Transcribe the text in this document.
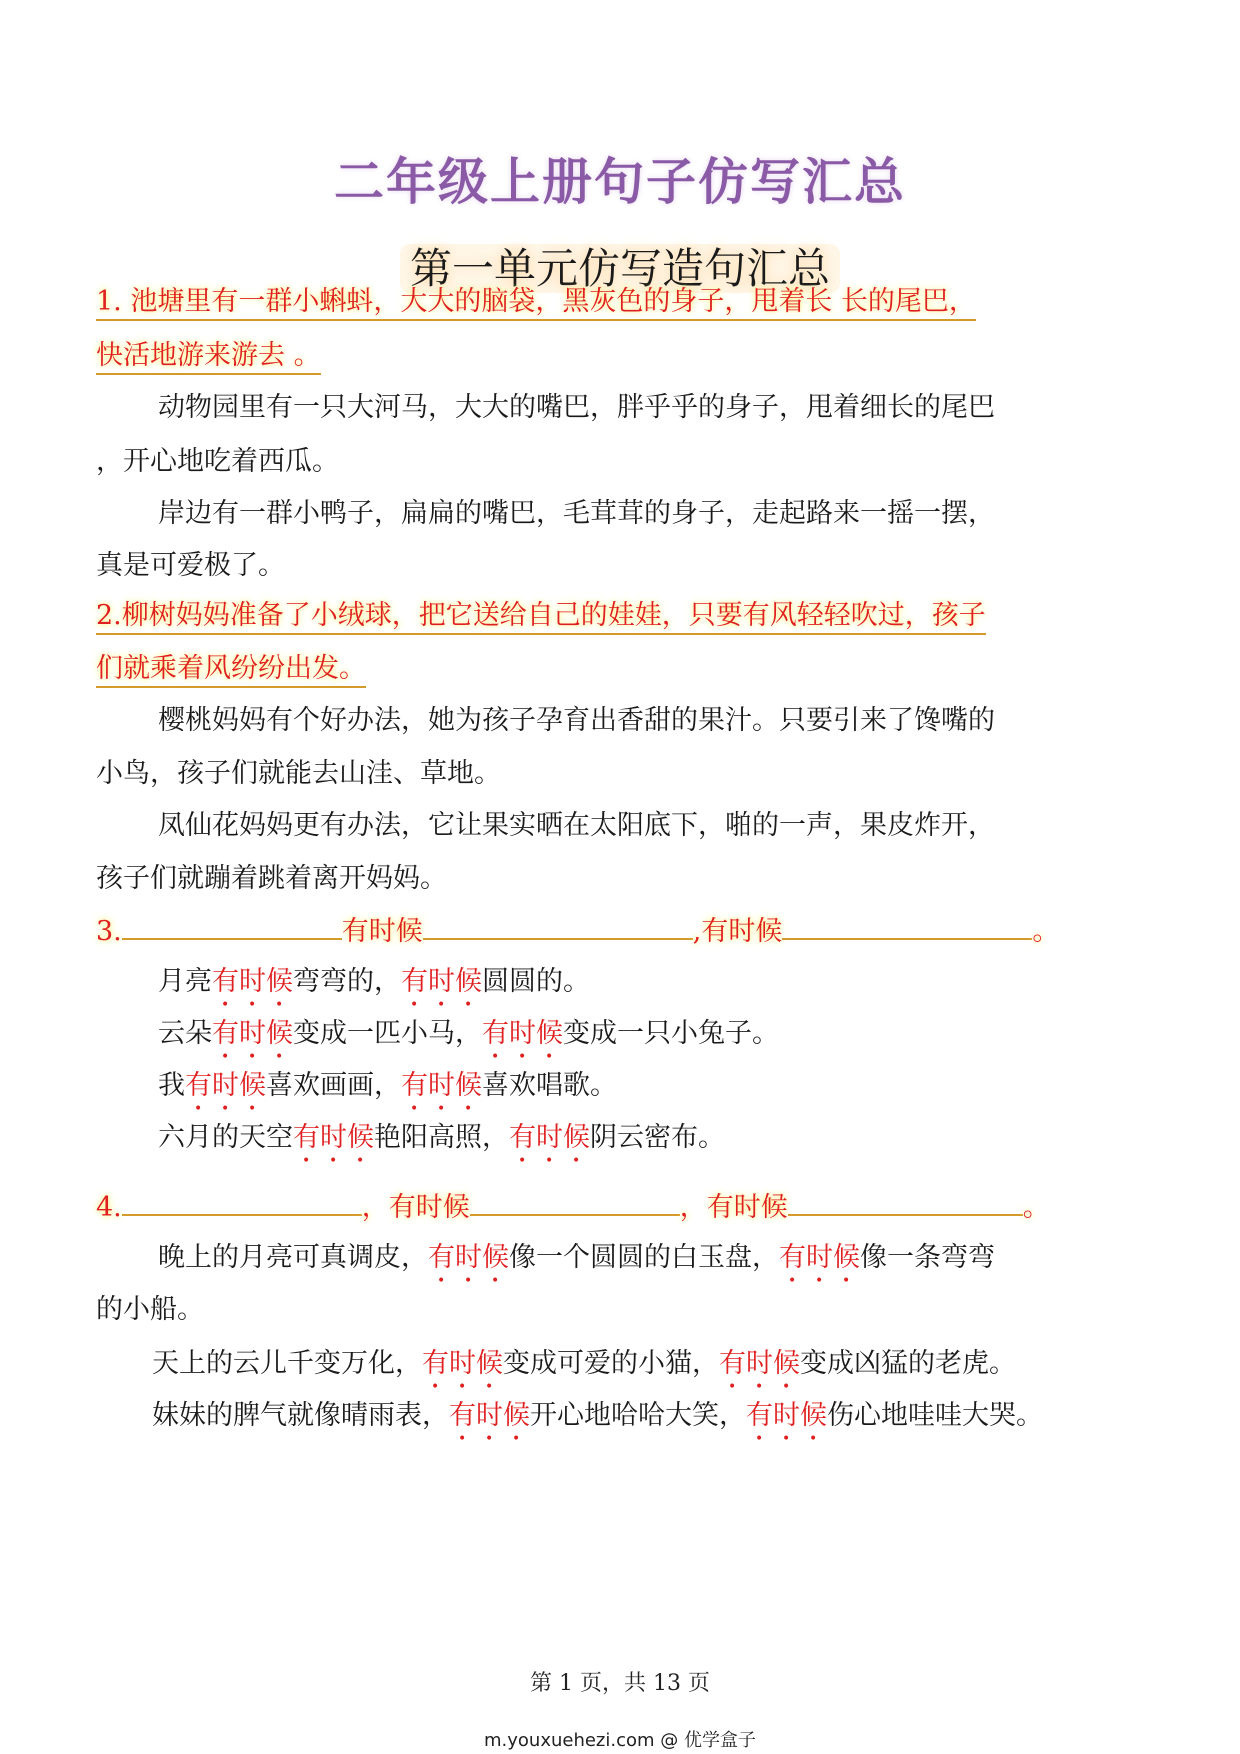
二年级上册句子仿写汇总
第一单元仿写造句汇总
1. 池塘里有一群小蝌蚪，大大的脑袋，黑灰色的身子，甩着长 长的尾巴，
快活地游来游去 。
动物园里有一只大河马，大大的嘴巴，胖乎乎的身子，甩着细长的尾巴
，开心地吃着西瓜。
岸边有一群小鸭子，扁扁的嘴巴，毛茸茸的身子，走起路来一摇一摆，
真是可爱极了。
2.柳树妈妈准备了小绒球，把它送给自己的娃娃，只要有风轻轻吹过，孩子
们就乘着风纷纷出发。
樱桃妈妈有个好办法，她为孩子孕育出香甜的果汁。只要引来了馋嘴的
小鸟，孩子们就能去山洼、草地。
凤仙花妈妈更有办法，它让果实晒在太阳底下，啪的一声，果皮炸开，
孩子们就蹦着跳着离开妈妈。
3.	有时候	,有时候	。
月亮有时候弯弯的，有时候圆圆的。
云朵有时候变成一匹小马，有时候变成一只小兔子。
我有时候喜欢画画，有时候喜欢唱歌。
六月的天空有时候艳阳高照，有时候阴云密布。
4.	，有时候	，有时候	。
晚上的月亮可真调皮，有时候像一个圆圆的白玉盘，有时候像一条弯弯
的小船。
天上的云儿千变万化，有时候变成可爱的小猫，有时候变成凶猛的老虎。
妹妹的脾气就像晴雨表，有时候开心地哈哈大笑，有时候伤心地哇哇大哭。
第 1 页，共 13 页
m.youxuehezi.com @ 优学盒子
